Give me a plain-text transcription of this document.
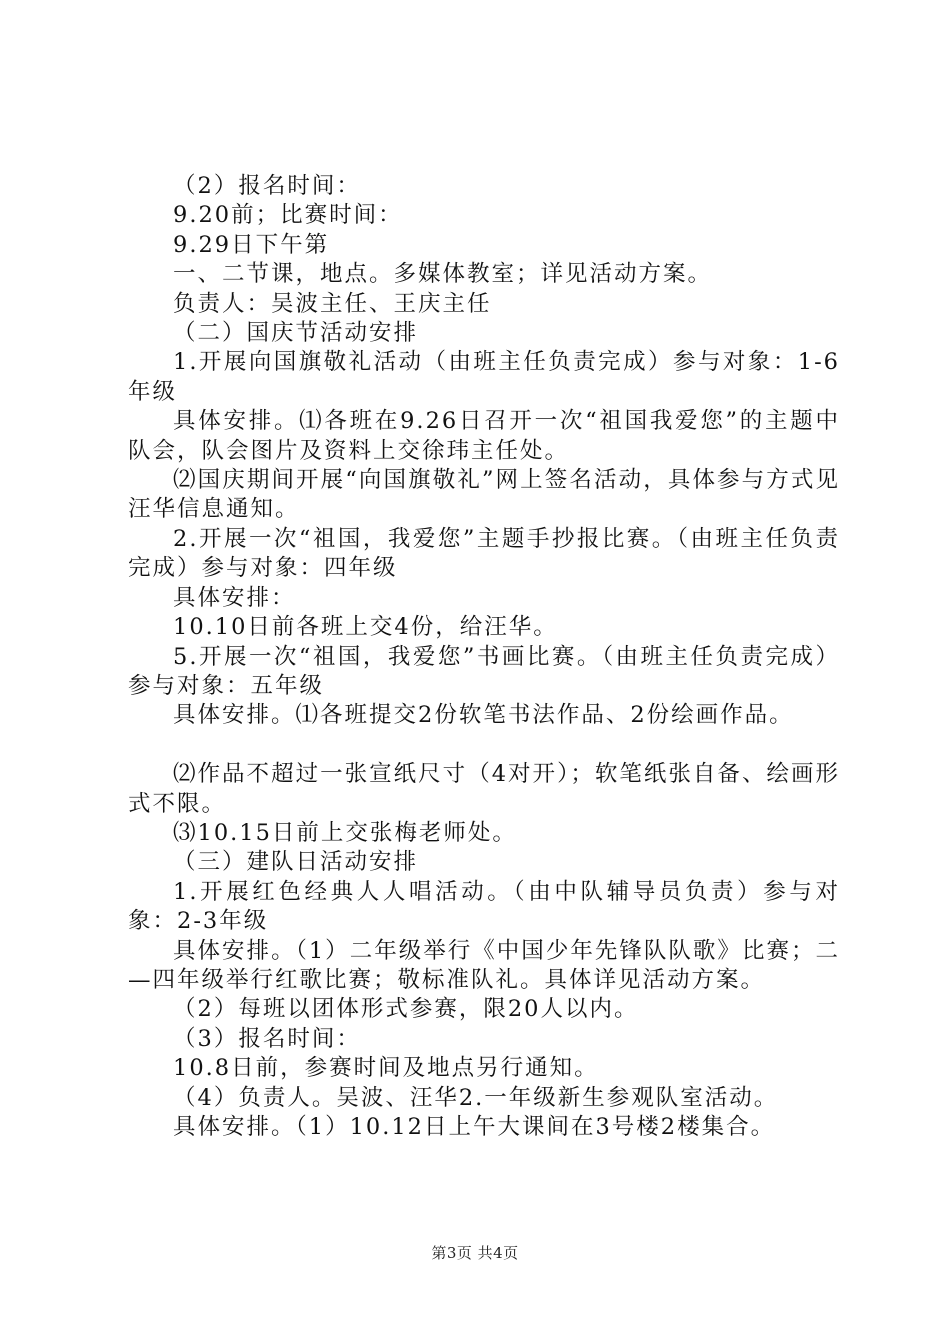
（2）报名时间：

9.20前；比赛时间：

9.29日下午第

一、二节课，地点。多媒体教室；详见活动方案。

负责人：吴波主任、王庆主任

（二）国庆节活动安排

1.开展向国旗敬礼活动（由班主任负责完成）参与对象：1-6年级

具体安排。⑴各班在9.26日召开一次“祖国我爱您”的主题中队会，队会图片及资料上交徐玮主任处。

⑵国庆期间开展“向国旗敬礼”网上签名活动，具体参与方式见汪华信息通知。

2.开展一次“祖国，我爱您”主题手抄报比赛。（由班主任负责完成）参与对象：四年级

具体安排：

10.10日前各班上交4份，给汪华。

5.开展一次“祖国，我爱您”书画比赛。（由班主任负责完成）参与对象：五年级

具体安排。⑴各班提交2份软笔书法作品、2份绘画作品。

⑵作品不超过一张宣纸尺寸（4对开）；软笔纸张自备、绘画形式不限。

⑶10.15日前上交张梅老师处。

（三）建队日活动安排

1.开展红色经典人人唱活动。（由中队辅导员负责）参与对象：2-3年级

具体安排。（1）二年级举行《中国少年先锋队队歌》比赛；二—四年级举行红歌比赛；敬标准队礼。具体详见活动方案。

（2）每班以团体形式参赛，限20人以内。

（3）报名时间：

10.8日前，参赛时间及地点另行通知。

（4）负责人。吴波、汪华2.一年级新生参观队室活动。

具体安排。（1）10.12日上午大课间在3号楼2楼集合。

第3页 共4页
